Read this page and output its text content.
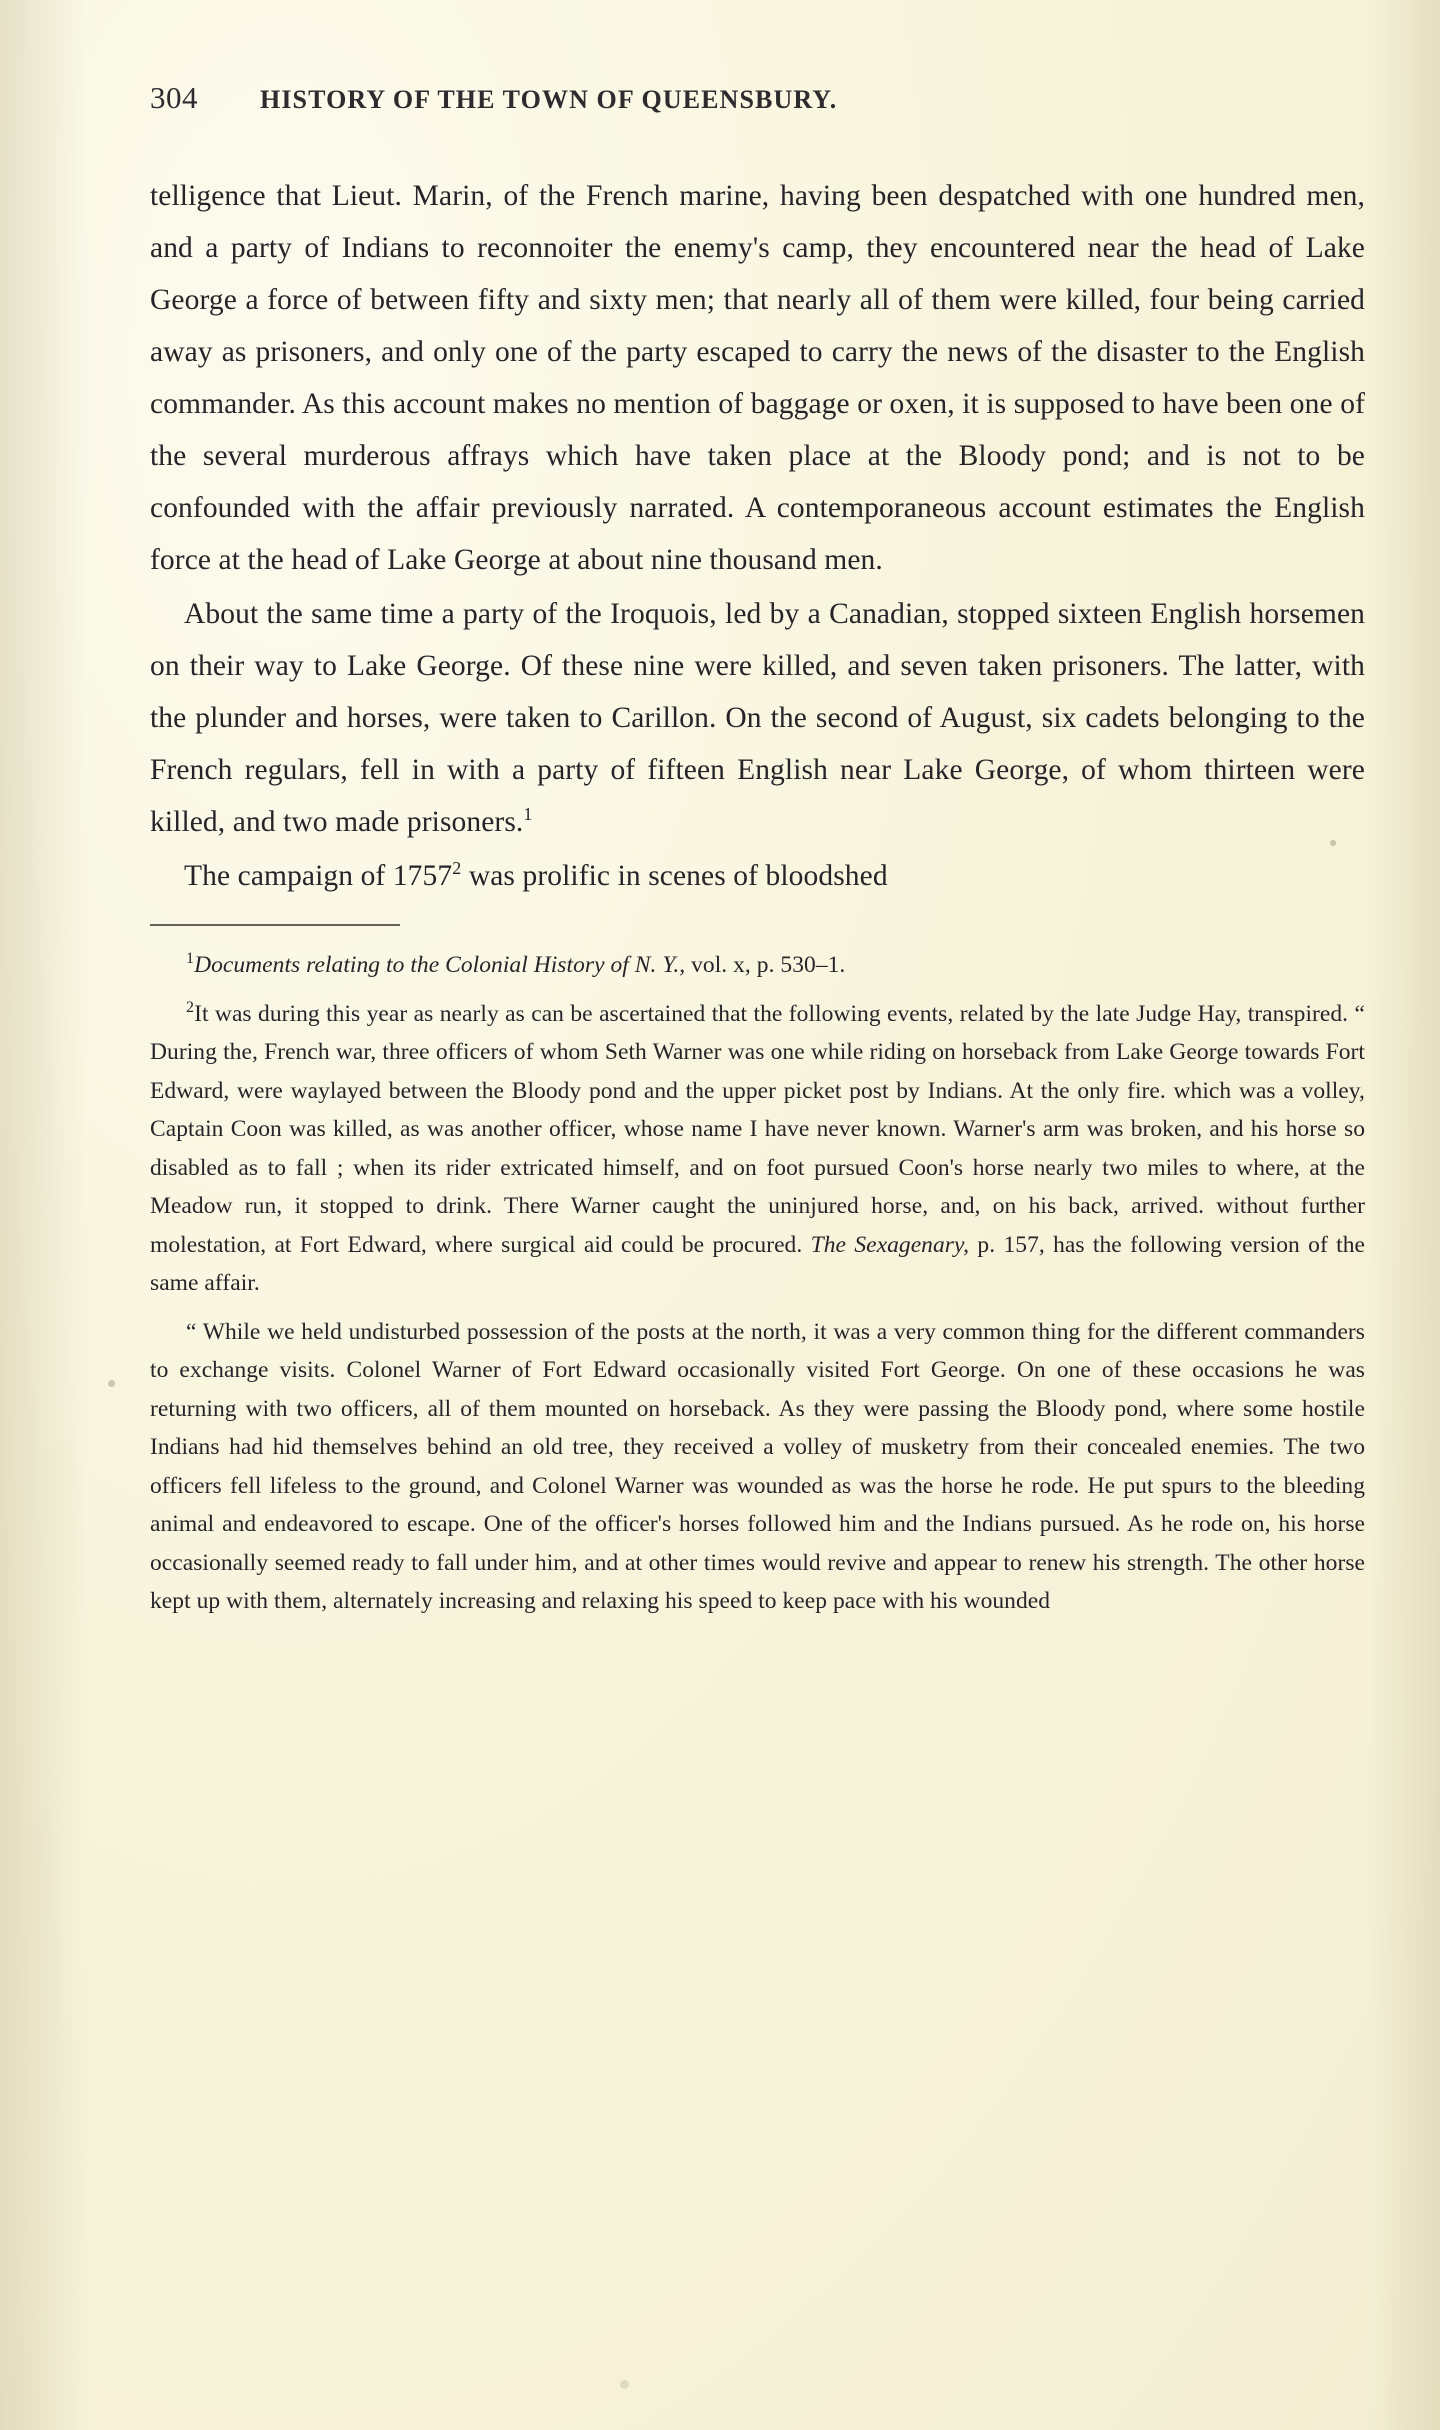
304	HISTORY OF THE TOWN OF QUEENSBURY.

telligence that Lieut. Marin, of the French marine, having been despatched with one hundred men, and a party of Indians to reconnoiter the enemy's camp, they encountered near the head of Lake George a force of between fifty and sixty men; that nearly all of them were killed, four being carried away as prisoners, and only one of the party escaped to carry the news of the disaster to the English commander. As this account makes no mention of baggage or oxen, it is supposed to have been one of the several murderous affrays which have taken place at the Bloody pond; and is not to be confounded with the affair previously narrated. A contemporaneous account estimates the English force at the head of Lake George at about nine thousand men.

About the same time a party of the Iroquois, led by a Canadian, stopped sixteen English horsemen on their way to Lake George. Of these nine were killed, and seven taken prisoners. The latter, with the plunder and horses, were taken to Carillon. On the second of August, six cadets belonging to the French regulars, fell in with a party of fifteen English near Lake George, of whom thirteen were killed, and two made prisoners.$^1$

The campaign of 1757$^2$ was prolific in scenes of bloodshed

$^1$Documents relating to the Colonial History of N. Y., vol. x, p. 530–1.

$^2$It was during this year as nearly as can be ascertained that the following events, related by the late Judge Hay, transpired. “ During the, French war, three officers of whom Seth Warner was one while riding on horseback from Lake George towards Fort Edward, were waylayed between the Bloody pond and the upper picket post by Indians. At the only fire. which was a volley, Captain Coon was killed, as was another officer, whose name I have never known. Warner's arm was broken, and his horse so disabled as to fall ; when its rider extricated himself, and on foot pursued Coon's horse nearly two miles to where, at the Meadow run, it stopped to drink. There Warner caught the uninjured horse, and, on his back, arrived. without further molestation, at Fort Edward, where surgical aid could be procured. The Sexagenary, p. 157, has the following version of the same affair.

“ While we held undisturbed possession of the posts at the north, it was a very common thing for the different commanders to exchange visits. Colonel Warner of Fort Edward occasionally visited Fort George. On one of these occasions he was returning with two officers, all of them mounted on horseback. As they were passing the Bloody pond, where some hostile Indians had hid themselves behind an old tree, they received a volley of musketry from their concealed enemies. The two officers fell lifeless to the ground, and Colonel Warner was wounded as was the horse he rode. He put spurs to the bleeding animal and endeavored to escape. One of the officer's horses followed him and the Indians pursued. As he rode on, his horse occasionally seemed ready to fall under him, and at other times would revive and appear to renew his strength. The other horse kept up with them, alternately increasing and relaxing his speed to keep pace with his wounded
